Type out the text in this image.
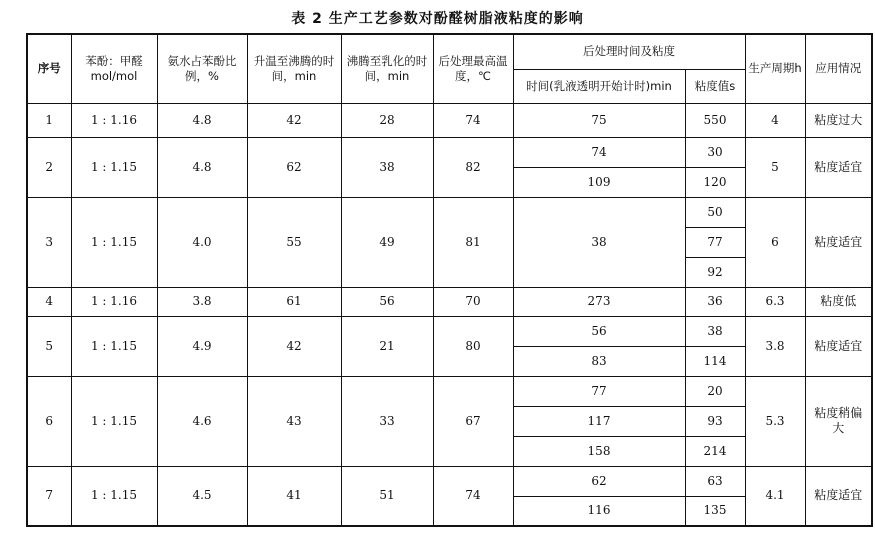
表 2 生产工艺参数对酚醛树脂液粘度的影响
序号	苯酚：甲醛mol/mol	氨水占苯酚比例，%	升温至沸腾的时间，min	沸腾至乳化的时间，min	后处理最高温度，℃	后处理时间及粘度		生产周期h	应用情况
						时间(乳液透明开始计时)min	粘度值s		
1	1 : 1.16	4.8	42	28	74	75	550	4	粘度过大
2	1 : 1.15	4.8	62	38	82	74	30	5	粘度适宜
						109	120		
3	1 : 1.15	4.0	55	49	81	38	50	6	粘度适宜
							77		
							92		
4	1 : 1.16	3.8	61	56	70	273	36	6.3	粘度低
5	1 : 1.15	4.9	42	21	80	56	38	3.8	粘度适宜
						83	114		
6	1 : 1.15	4.6	43	33	67	77	20	5.3	粘度稍偏
大

						117	93		
						158	214		
7	1 : 1.15	4.5	41	51	74	62	63	4.1	粘度适宜
						116	135		
